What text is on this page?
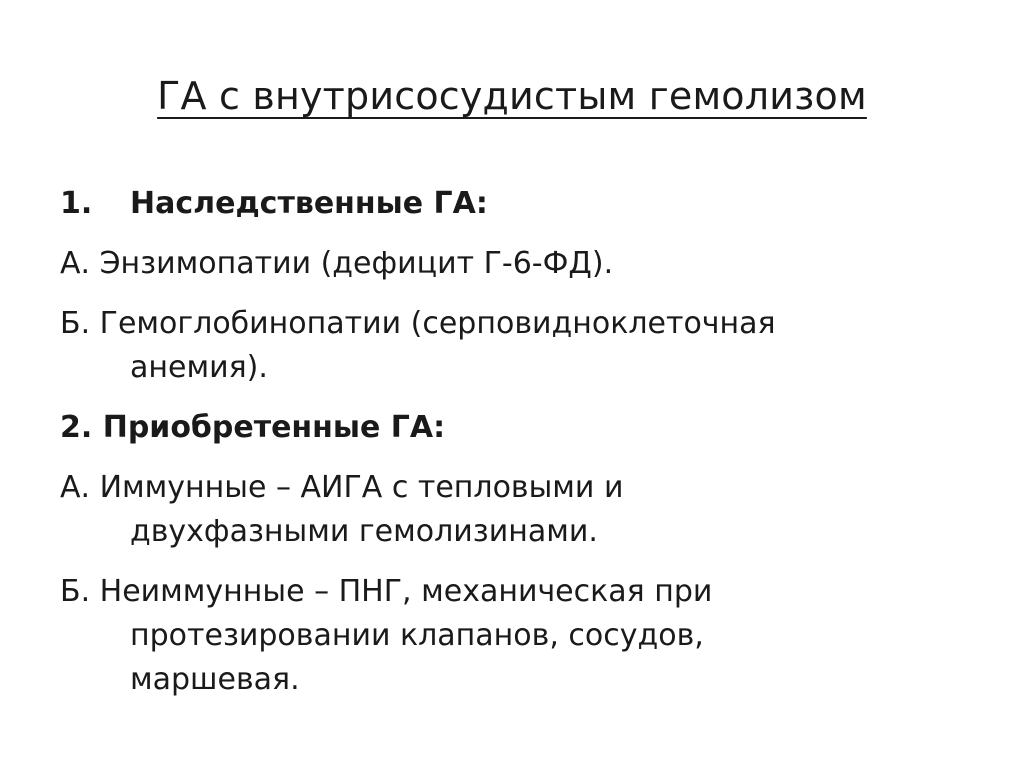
ГА с внутрисосудистым гемолизом
1. Наследственные ГА:
А. Энзимопатии (дефицит Г-6-ФД).
Б. Гемоглобинопатии (серповидноклеточная
анемия).
2. Приобретенные ГА:
А. Иммунные – АИГА с тепловыми и
двухфазными гемолизинами.
Б. Неиммунные – ПНГ, механическая при
протезировании клапанов, сосудов,
маршевая.
